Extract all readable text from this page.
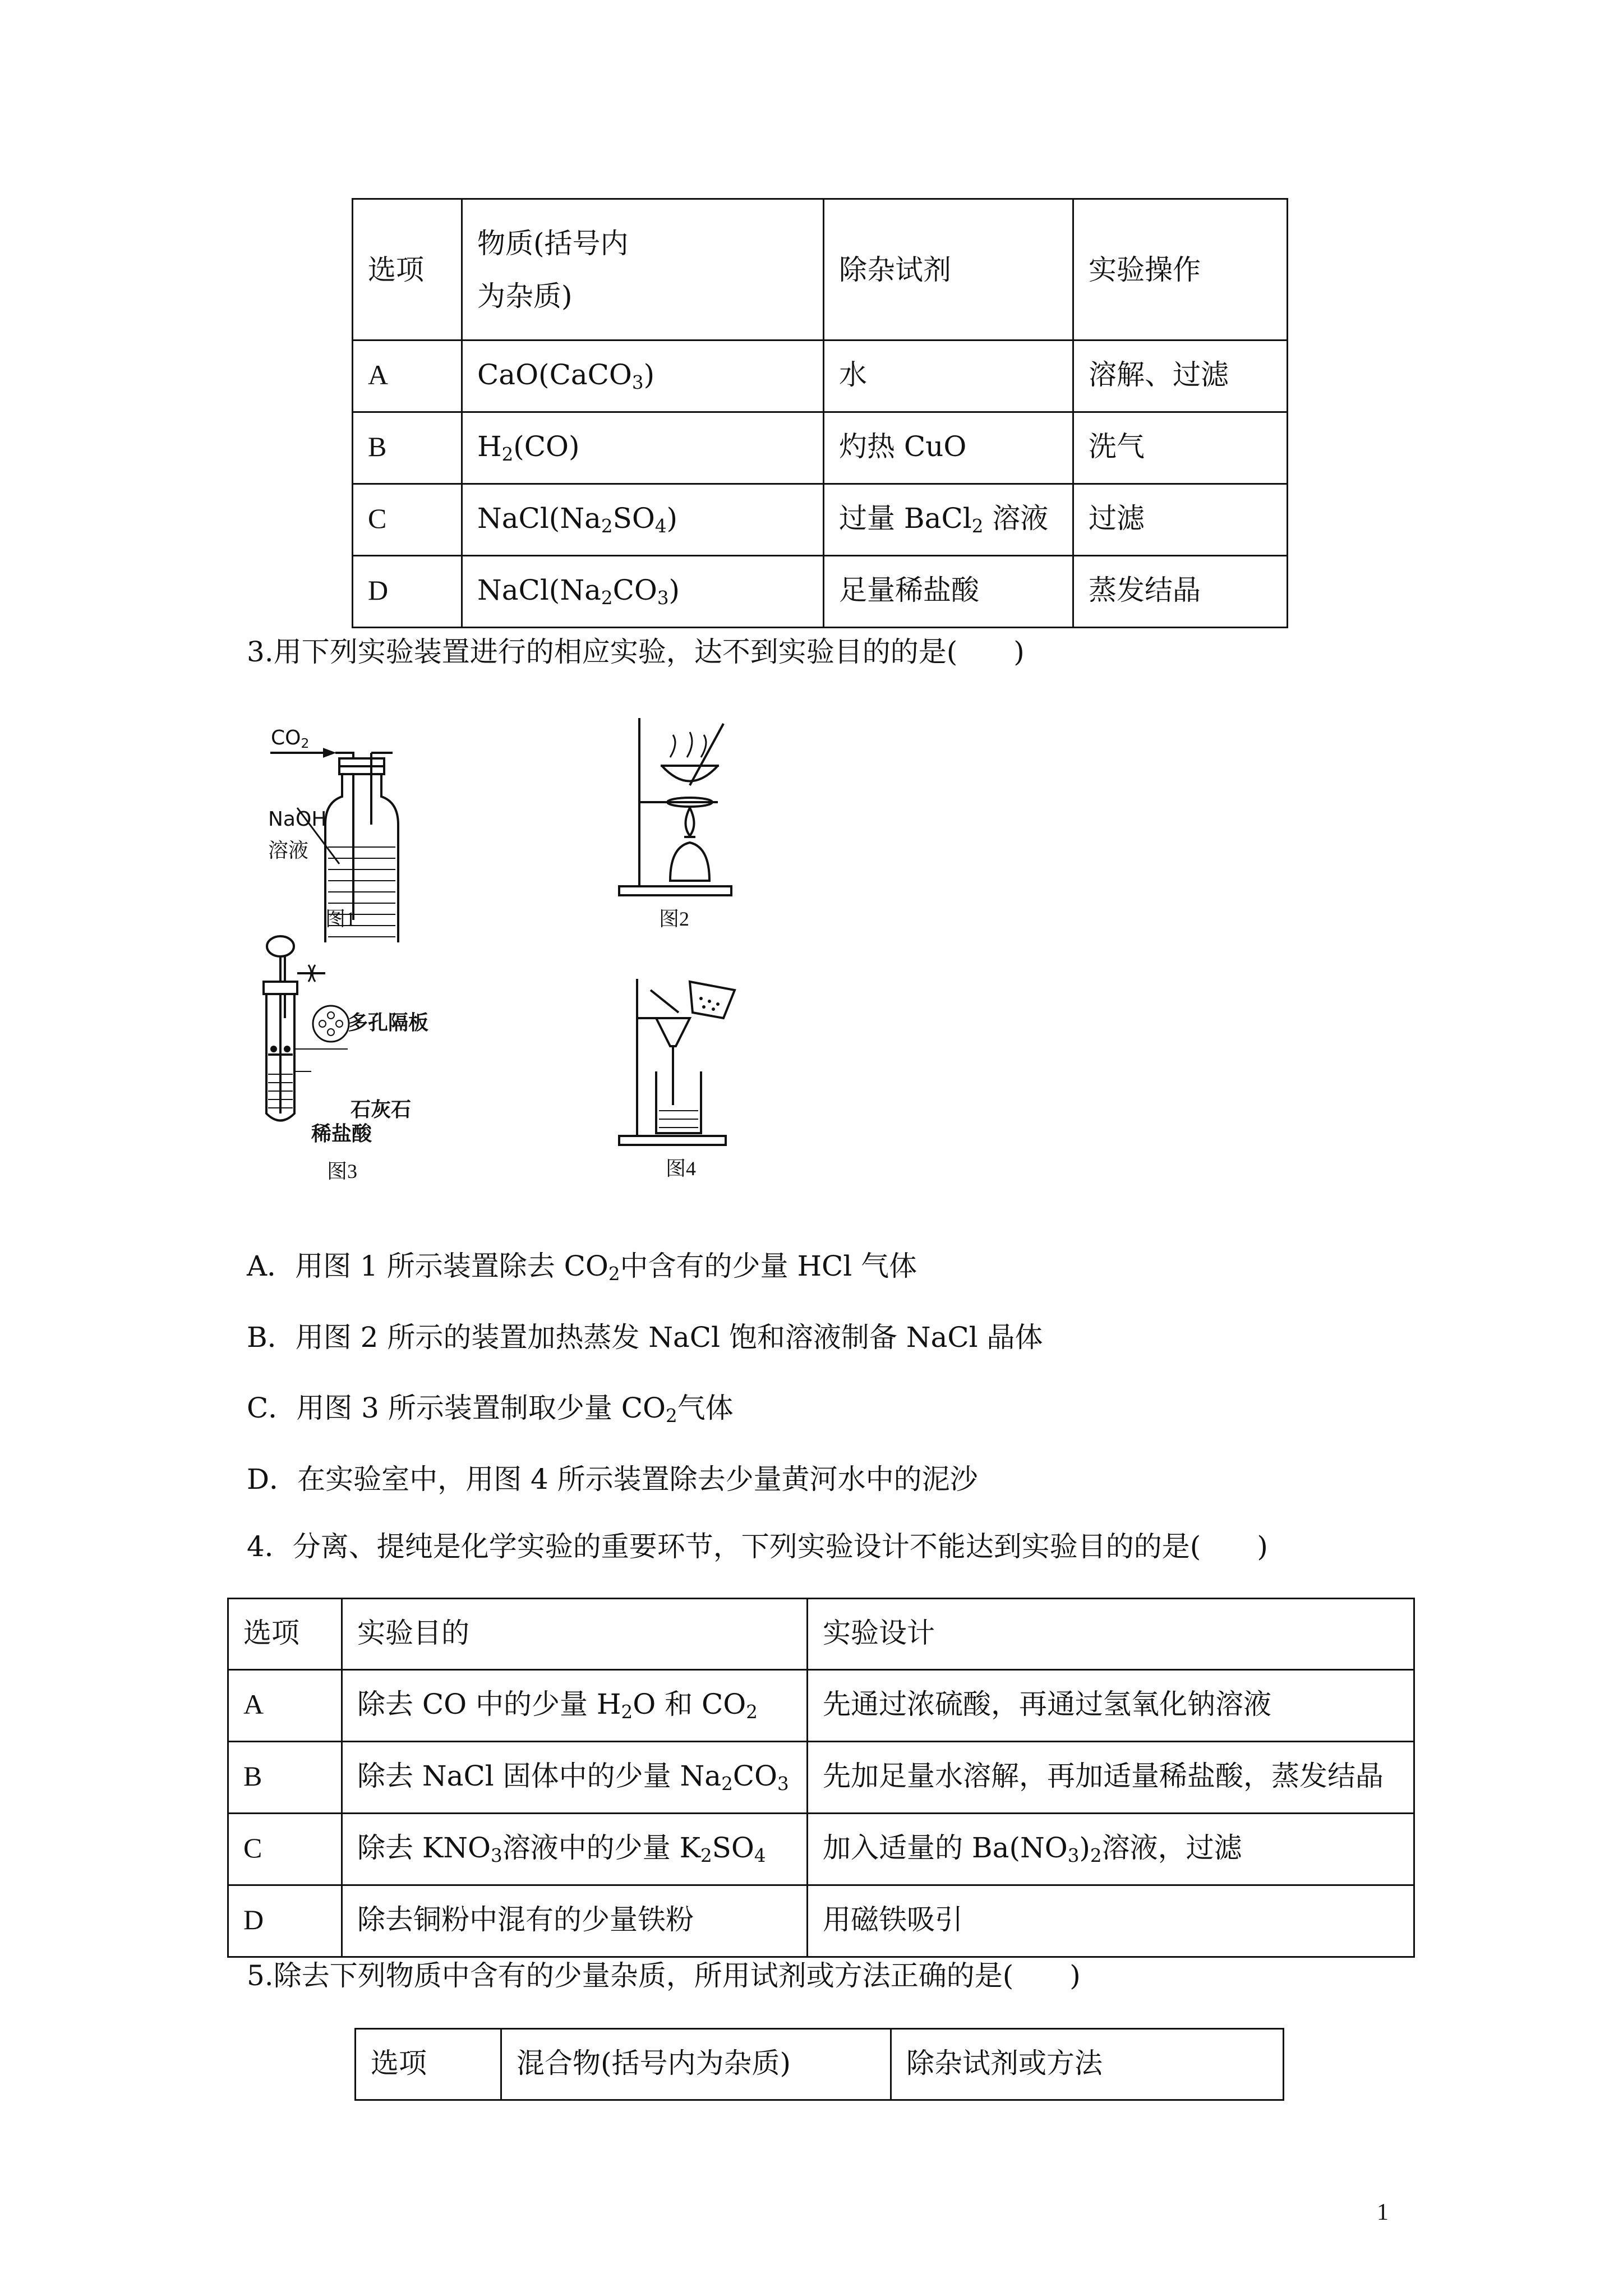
选项	物质(括号内
为杂质)	除杂试剂	实验操作
A	CaO(CaCO$_3$)	水	溶解、过滤
B	$H_2(CO)$	灼热 CuO	洗气
C	$NaCl(Na_2SO_4)$	过量 BaCl$_2$ 溶液	过滤
D	$NaCl(Na_2CO_3)$	足量稀盐酸	蒸发结晶
3.用下列实验装置进行的相应实验，达不到实验目的的是(　　)
$CO_2$
NaOH
溶液
图1	图2
多孔隔板
石灰石
稀盐酸
图3	图4
A．用图 1 所示装置除去 $CO_2$中含有的少量 HCl 气体
B．用图 2 所示的装置加热蒸发 NaCl 饱和溶液制备 NaCl 晶体
C．用图 3 所示装置制取少量 $CO_2$气体
D．在实验室中，用图 4 所示装置除去少量黄河水中的泥沙
4．分离、提纯是化学实验的重要环节，下列实验设计不能达到实验目的的是(　　)
选项	实验目的	实验设计
A	除去 CO 中的少量 $H_2O$ 和 $CO_2$	先通过浓硫酸，再通过氢氧化钠溶液
B	除去 NaCl 固体中的少量 $Na_2CO_3$	先加足量水溶解，再加适量稀盐酸，蒸发结晶
C	除去 $KNO_3$溶液中的少量 $K_2SO_4$	加入适量的 $Ba(NO_3)_2$溶液，过滤
D	除去铜粉中混有的少量铁粉	用磁铁吸引
5.除去下列物质中含有的少量杂质，所用试剂或方法正确的是(　　)
选项	混合物(括号内为杂质)	除杂试剂或方法
1
